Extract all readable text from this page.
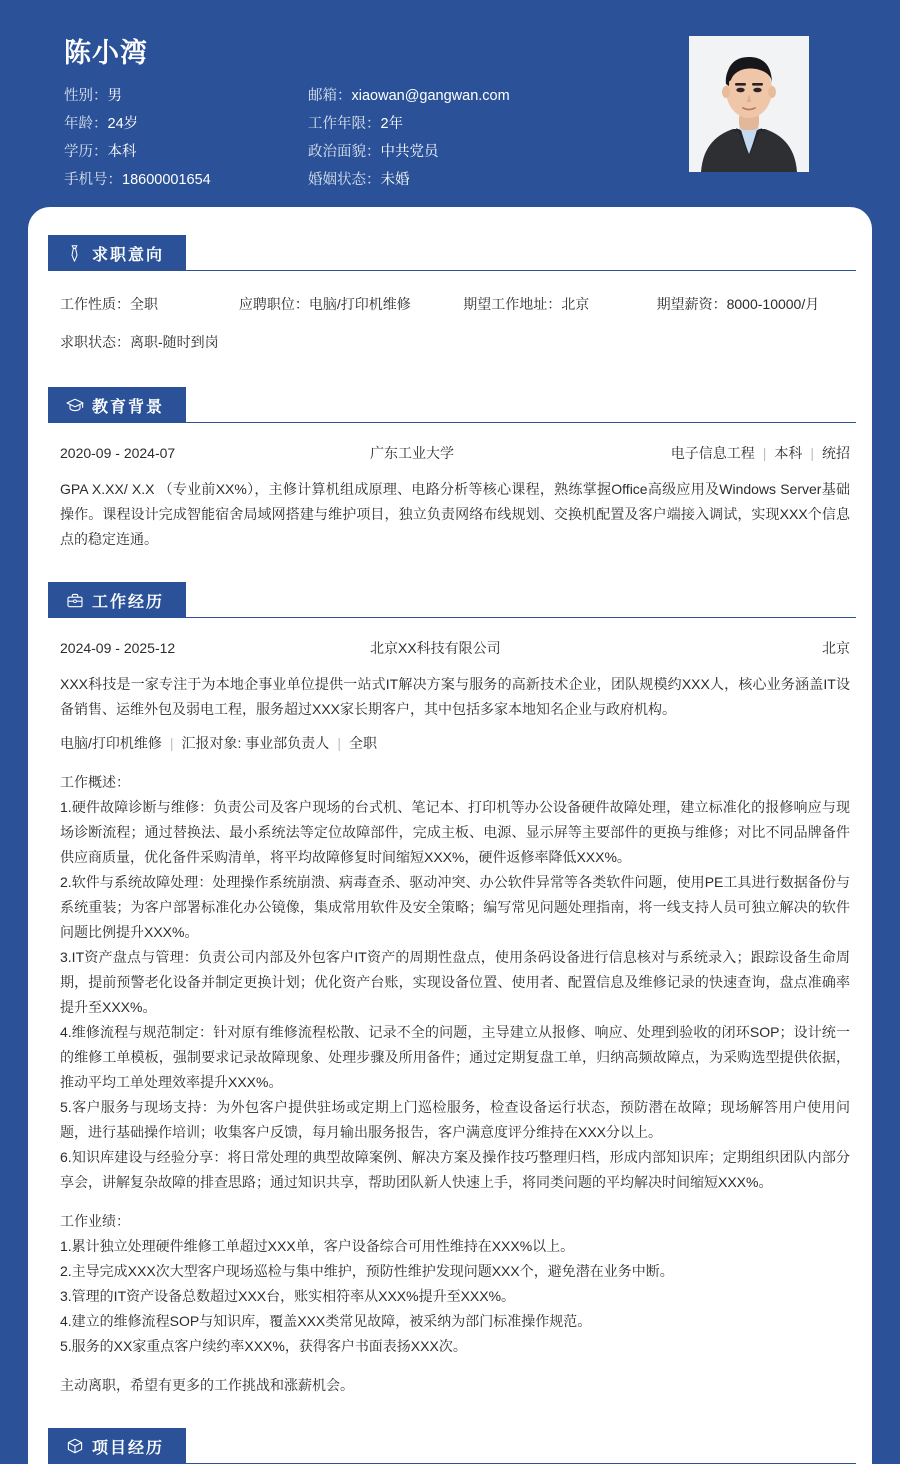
陈小湾
性别：男	邮箱：xiaowan@gangwan.com
年龄：24岁	工作年限：2年
学历：本科	政治面貌：中共党员
手机号：18600001654	婚姻状态：未婚
求职意向
工作性质：全职	应聘职位：电脑/打印机维修	期望工作地址：北京	期望薪资：8000-10000/月
求职状态：离职-随时到岗
教育背景
2020-09 - 2024-07	广东工业大学	电子信息工程 | 本科 | 统招
GPA X.XX/ X.X （专业前XX%），主修计算机组成原理、电路分析等核心课程，熟练掌握Office高级应用及Windows Server基础操作。课程设计完成智能宿舍局域网搭建与维护项目，独立负责网络布线规划、交换机配置及客户端接入调试，实现XXX个信息点的稳定连通。
工作经历
2024-09 - 2025-12	北京XX科技有限公司	北京
XXX科技是一家专注于为本地企事业单位提供一站式IT解决方案与服务的高新技术企业，团队规模约XXX人，核心业务涵盖IT设备销售、运维外包及弱电工程，服务超过XXX家长期客户，其中包括多家本地知名企业与政府机构。
电脑/打印机维修 | 汇报对象: 事业部负责人 | 全职
工作概述：
1.硬件故障诊断与维修：负责公司及客户现场的台式机、笔记本、打印机等办公设备硬件故障处理，建立标准化的报修响应与现场诊断流程；通过替换法、最小系统法等定位故障部件，完成主板、电源、显示屏等主要部件的更换与维修；对比不同品牌备件供应商质量，优化备件采购清单，将平均故障修复时间缩短XXX%，硬件返修率降低XXX%。
2.软件与系统故障处理：处理操作系统崩溃、病毒查杀、驱动冲突、办公软件异常等各类软件问题，使用PE工具进行数据备份与系统重装；为客户部署标准化办公镜像，集成常用软件及安全策略；编写常见问题处理指南，将一线支持人员可独立解决的软件问题比例提升XXX%。
3.IT资产盘点与管理：负责公司内部及外包客户IT资产的周期性盘点，使用条码设备进行信息核对与系统录入；跟踪设备生命周期，提前预警老化设备并制定更换计划；优化资产台账，实现设备位置、使用者、配置信息及维修记录的快速查询，盘点准确率提升至XXX%。
4.维修流程与规范制定：针对原有维修流程松散、记录不全的问题，主导建立从报修、响应、处理到验收的闭环SOP；设计统一的维修工单模板，强制要求记录故障现象、处理步骤及所用备件；通过定期复盘工单，归纳高频故障点，为采购选型提供依据，推动平均工单处理效率提升XXX%。
5.客户服务与现场支持：为外包客户提供驻场或定期上门巡检服务，检查设备运行状态，预防潜在故障；现场解答用户使用问题，进行基础操作培训；收集客户反馈，每月输出服务报告，客户满意度评分维持在XXX分以上。
6.知识库建设与经验分享：将日常处理的典型故障案例、解决方案及操作技巧整理归档，形成内部知识库；定期组织团队内部分享会，讲解复杂故障的排查思路；通过知识共享，帮助团队新人快速上手，将同类问题的平均解决时间缩短XXX%。
工作业绩：
1.累计独立处理硬件维修工单超过XXX单，客户设备综合可用性维持在XXX%以上。
2.主导完成XXX次大型客户现场巡检与集中维护，预防性维护发现问题XXX个，避免潜在业务中断。
3.管理的IT资产设备总数超过XXX台，账实相符率从XXX%提升至XXX%。
4.建立的维修流程SOP与知识库，覆盖XXX类常见故障，被采纳为部门标准操作规范。
5.服务的XX家重点客户续约率XXX%，获得客户书面表扬XXX次。
主动离职，希望有更多的工作挑战和涨薪机会。
项目经历
